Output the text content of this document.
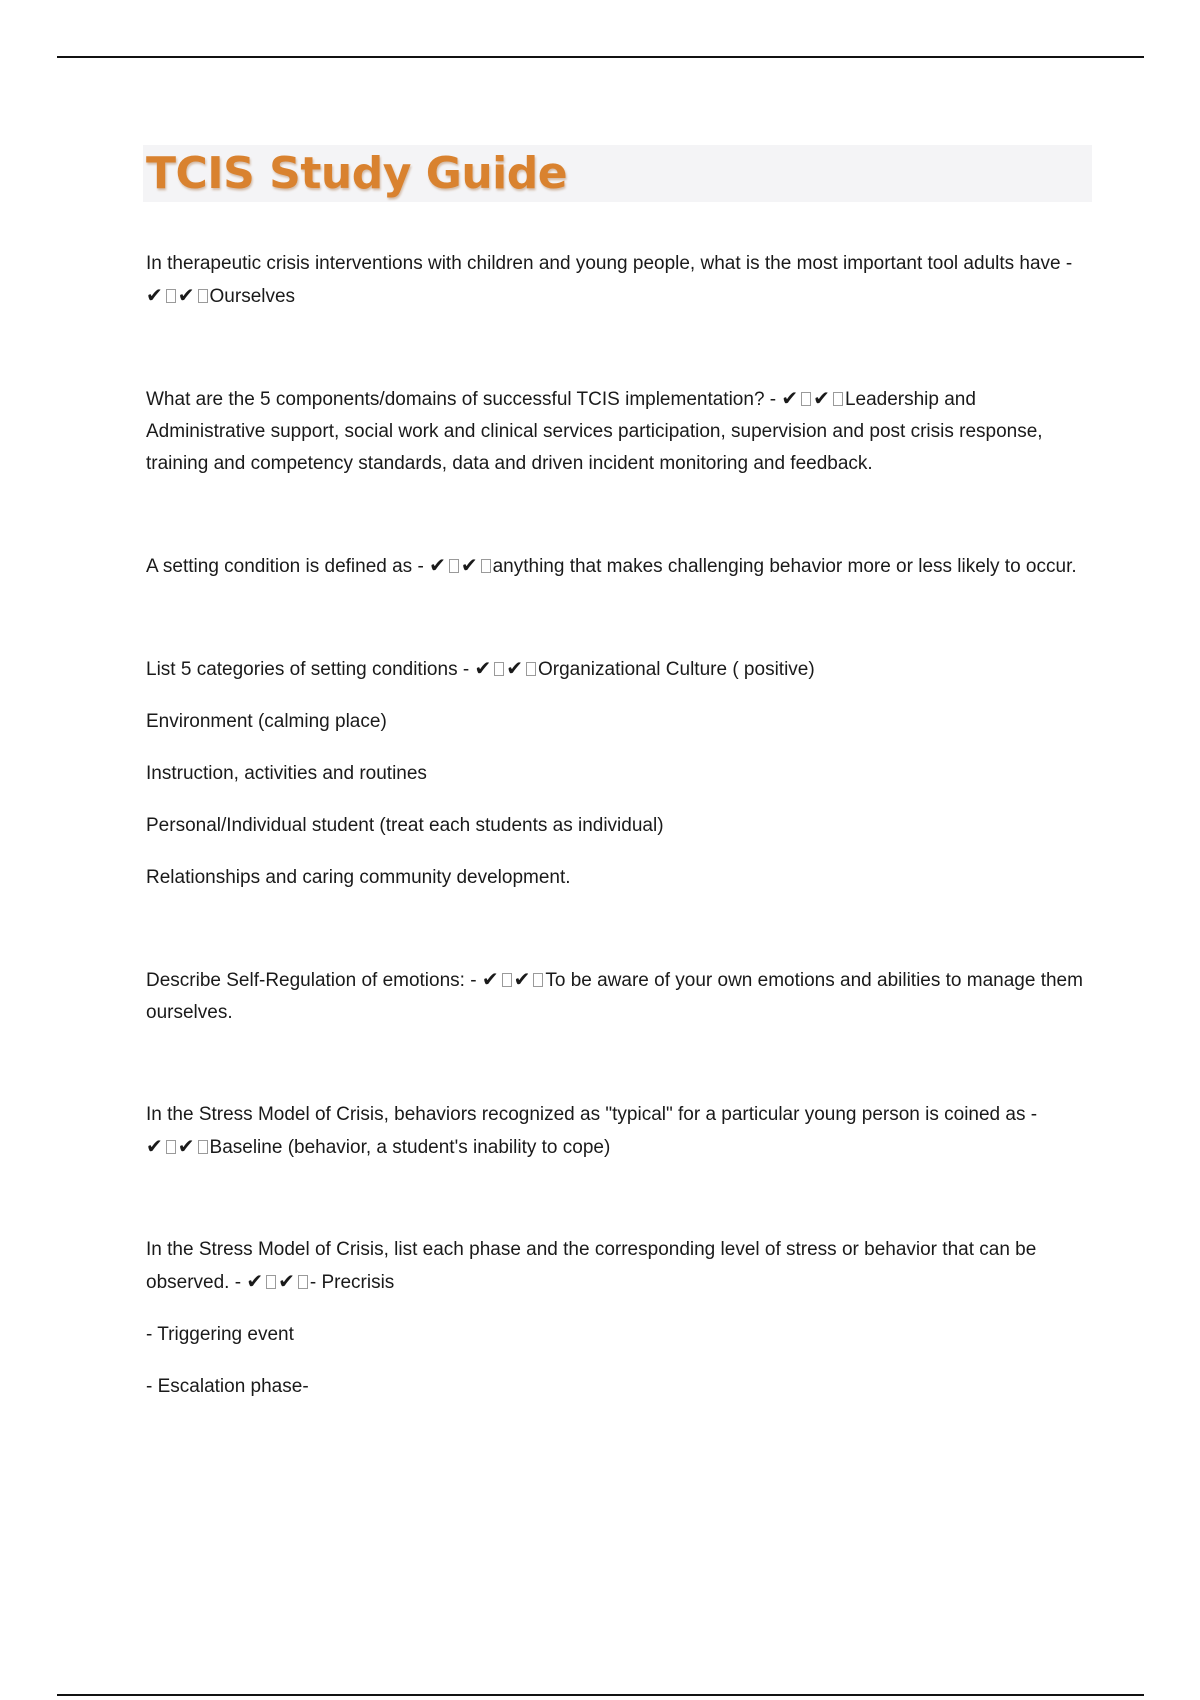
TCIS Study Guide
In therapeutic crisis interventions with children and young people, what is the most important tool adults have - ✔ ✔ Ourselves
What are the 5 components/domains of successful TCIS implementation? - ✔ ✔ Leadership and Administrative support, social work and clinical services participation, supervision and post crisis response, training and competency standards, data and driven incident monitoring and feedback.
A setting condition is defined as - ✔ ✔ anything that makes challenging behavior more or less likely to occur.
List 5 categories of setting conditions - ✔ ✔ Organizational Culture ( positive)

Environment (calming place)

Instruction, activities and routines

Personal/Individual student (treat each students as individual)

Relationships and caring community development.

Describe Self-Regulation of emotions: - ✔ ✔ To be aware of your own emotions and abilities to manage them ourselves.
In the Stress Model of Crisis, behaviors recognized as "typical" for a particular young person is coined as - ✔ ✔ Baseline (behavior, a student's inability to cope)
In the Stress Model of Crisis, list each phase and the corresponding level of stress or behavior that can be observed. - ✔ ✔ - Precrisis

- Triggering event

- Escalation phase-
